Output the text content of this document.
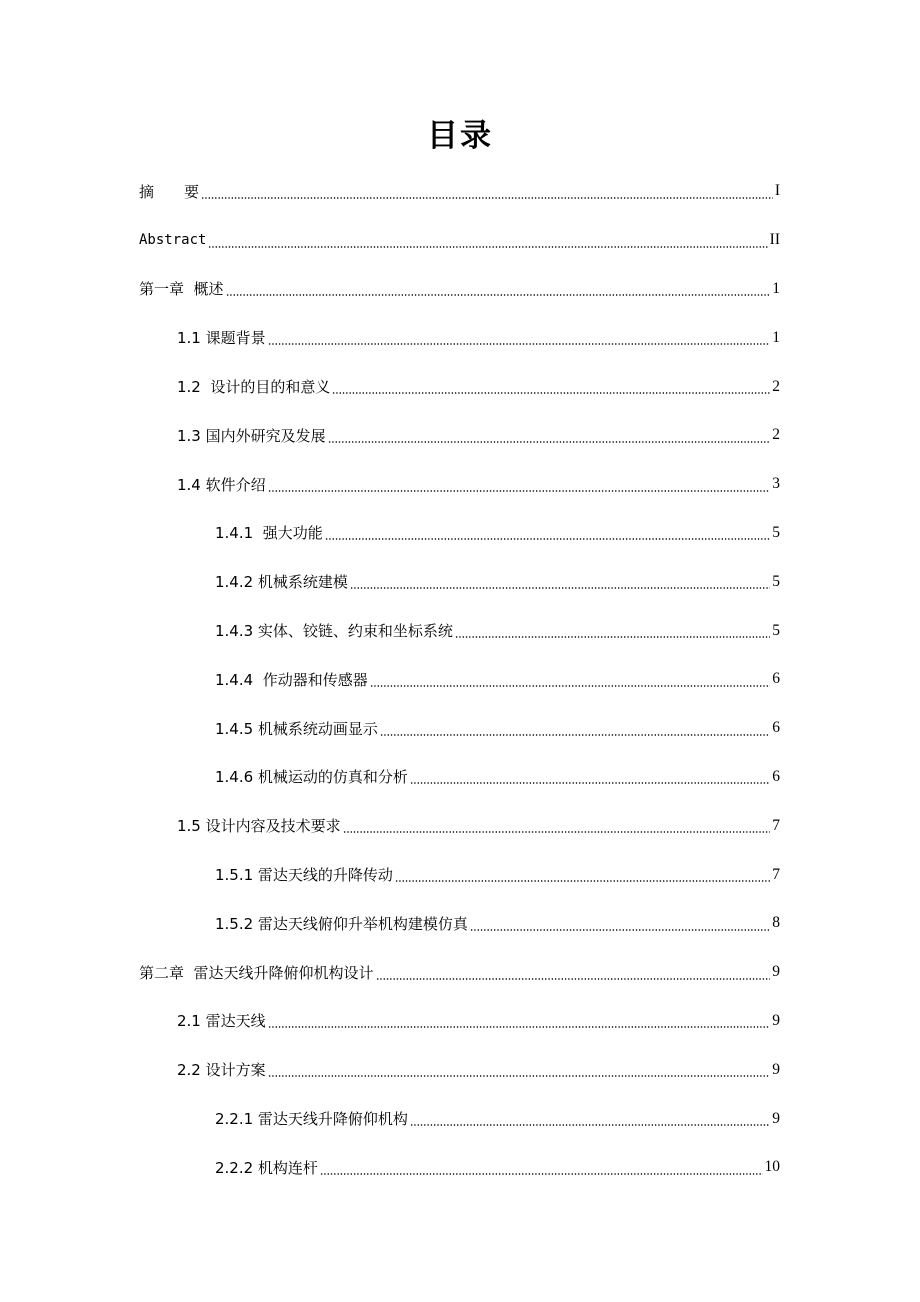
目录
摘　　要	I
Abstract	II
第一章  概述	1
1.1 课题背景	1
1.2  设计的目的和意义	2
1.3 国内外研究及发展	2
1.4 软件介绍	3
1.4.1  强大功能	5
1.4.2 机械系统建模	5
1.4.3 实体、铰链、约束和坐标系统	5
1.4.4  作动器和传感器	6
1.4.5 机械系统动画显示	6
1.4.6 机械运动的仿真和分析	6
1.5 设计内容及技术要求	7
1.5.1 雷达天线的升降传动	7
1.5.2 雷达天线俯仰升举机构建模仿真	8
第二章  雷达天线升降俯仰机构设计	9
2.1 雷达天线	9
2.2 设计方案	9
2.2.1 雷达天线升降俯仰机构	9
2.2.2 机构连杆	10
